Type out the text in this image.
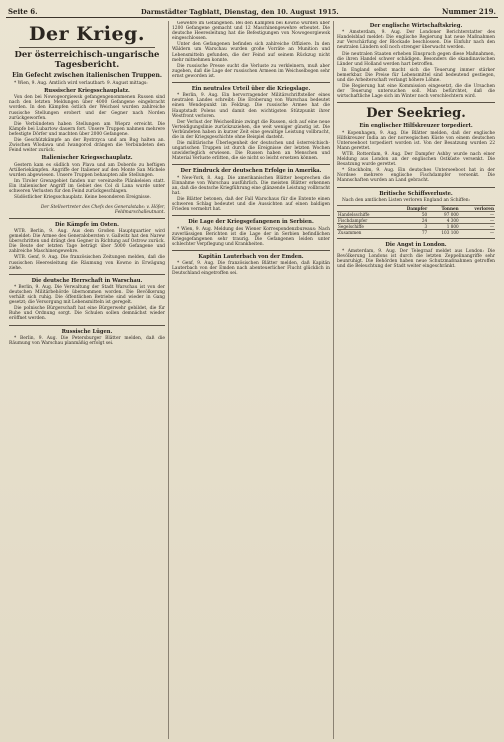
Seite 6.	Darmstädter Tagblatt, Dienstag, den 10. August 1915.	Nummer 219.
Der Krieg.
Der österreichisch-ungarische Tagesbericht.
Ein Gefecht zwischen italienischen Truppen.

* Wien, 9. Aug. Amtlich wird verlautbart: 9. August mittags:

Russischer Kriegsschauplatz.

Von den bei Nowogeorgiewsk gefangengenommenen Russen sind nach den letzten Meldungen über 4000 Gefangene eingebracht worden. In den Kämpfen östlich der Weichsel wurden zahlreiche russische Stellungen erobert und der Gegner nach Norden zurückgeworfen.

Die Verbündeten haben Stellungen am Wieprz erreicht. Die Kämpfe bei Lubartow dauern fort. Unsere Truppen nahmen mehrere befestigte Dörfer und machten über 2000 Gefangene.

Die Geschützkämpfe an der Bystrzyca und am Bug halten an. Zwischen Wlodawa und Iwangorod drängen die Verbündeten den Feind weiter zurück.

Italienischer Kriegsschauplatz.

Gestern kam es südlich von Plava und am Doberdo zu heftigen Artilleriekämpfen. Angriffe der Italiener auf den Monte San Michele wurden abgewiesen. Unsere Truppen behaupten alle Stellungen.

Im Tiroler Grenzgebiet fanden nur vereinzelte Plänkeleien statt. Ein italienischer Angriff im Gebiet des Col di Lana wurde unter schweren Verlusten für den Feind zurückgeschlagen.

Südöstlicher Kriegsschauplatz. Keine besonderen Ereignisse.

Der Stellvertreter des Chefs des Generalstabs: v. Höfer, Feldmarschalleutnant.

Die Kämpfe im Osten.

WTB. Berlin, 9. Aug. Aus dem Großen Hauptquartier wird gemeldet: Die Armee des Generalobersten v. Gallwitz hat den Narew überschritten und drängt den Gegner in Richtung auf Ostrow zurück. Die Beute der letzten Tage beträgt über 5000 Gefangene und zahlreiche Maschinengewehre.

WTB. Genf, 9. Aug. Die französischen Zeitungen melden, daß die russischen Heeresleitung die Räumung von Kowno in Erwägung ziehe.

Die deutsche Herrschaft in Warschau.

* Berlin, 9. Aug. Die Verwaltung der Stadt Warschau ist von der deutschen Militärbehörde übernommen worden. Die Bevölkerung verhält sich ruhig. Die öffentlichen Betriebe sind wieder in Gang gesetzt; die Versorgung mit Lebensmitteln ist geregelt.

Die polnische Bürgerschaft hat eine Bürgerwehr gebildet, die für Ruhe und Ordnung sorgt. Die Schulen sollen demnächst wieder eröffnet werden.

Russische Lügen.

* Berlin, 9. Aug. Die Petersburger Blätter melden, daß die Räumung von Warschau planmäßig erfolgt sei.

Gewehre im Gefangenen. Bei den Kämpfen bei Kowno wurden über 1200 Gefangene gemacht und 12 Maschinengewehre erbeutet. Die deutsche Heeresleitung hat die Befestigungen von Nowogeorgiewsk eingeschlossen.

Unter den Gefangenen befinden sich zahlreiche Offiziere. In den Wäldern um Warschau wurden große Vorräte an Munition und Lebensmitteln gefunden, die der Feind auf seinem Rückzug nicht mehr mitnehmen konnte.

Die russische Presse sucht die Verluste zu verkleinern, muß aber zugeben, daß die Lage der russischen Armeen im Weichselbogen sehr ernst geworden ist.

Ein neutrales Urteil über die Kriegslage.

* Berlin, 9. Aug. Ein hervorragender Militärschriftsteller eines neutralen Landes schreibt: Die Eroberung von Warschau bedeutet einen Wendepunkt im Feldzug. Die russische Armee hat die Hauptstadt Polens und damit den wichtigsten Stützpunkt ihrer Westfront verloren.

Der Verlust der Weichsellinie zwingt die Russen, sich auf eine neue Verteidigungslinie zurückzuziehen, die weit weniger günstig ist. Die Verbündeten haben in kurzer Zeit eine gewaltige Leistung vollbracht, die in der Kriegsgeschichte ohne Beispiel dasteht.

Die militärische Überlegenheit der deutschen und österreichisch-ungarischen Truppen ist durch die Ereignisse der letzten Wochen unwiderleglich erwiesen. Die Russen haben an Menschen und Material Verluste erlitten, die sie nicht so leicht ersetzen können.

Der Eindruck der deutschen Erfolge in Amerika.

* New-York, 8. Aug. Die amerikanischen Blätter besprechen die Einnahme von Warschau ausführlich. Die meisten Blätter erkennen an, daß die deutsche Kriegführung eine glänzende Leistung vollbracht hat.

Die Blätter betonen, daß der Fall Warschaus für die Entente einen schweren Schlag bedeutet und die Aussichten auf einen baldigen Frieden vermehrt hat.

Die Lage der Kriegsgefangenen in Serbien.

* Wien, 9. Aug. Meldung des Wiener Korrespondenzbureaus: Nach zuverlässigen Berichten ist die Lage der in Serbien befindlichen Kriegsgefangenen sehr traurig. Die Gefangenen leiden unter schlechter Verpflegung und Krankheiten.

Kapitän Lauterbach von der Emden.

* Genf, 9. Aug. Die französischen Blätter melden, daß Kapitän Lauterbach von der Emden nach abenteuerlicher Flucht glücklich in Deutschland eingetroffen sei.

Der englische Wirtschaftskrieg.

* Amsterdam, 9. Aug. Der Londoner Berichterstatter des Handelsblad meldet: Die englische Regierung hat neue Maßnahmen zur Verschärfung der Blockade beschlossen. Die Einfuhr nach den neutralen Ländern soll noch strenger überwacht werden.

Die neutralen Staaten erheben Einspruch gegen diese Maßnahmen, die ihren Handel schwer schädigen. Besonders die skandinavischen Länder und Holland werden hart betroffen.

In England selbst macht sich die Teuerung immer stärker bemerkbar. Die Preise für Lebensmittel sind bedeutend gestiegen, und die Arbeiterschaft verlangt höhere Löhne.

Die Regierung hat eine Kommission eingesetzt, die die Ursachen der Teuerung untersuchen soll. Man befürchtet, daß die wirtschaftliche Lage sich im Winter noch verschlechtern wird.

Der Seekrieg.
Ein englischer Hilfskreuzer torpediert.

* Kopenhagen, 9. Aug. Die Blätter melden, daß der englische Hilfskreuzer India an der norwegischen Küste von einem deutschen Unterseeboot torpediert worden ist. Von der Besatzung wurden 22 Mann gerettet.

WTB. Rotterdam, 9. Aug. Der Dampfer Ashby wurde nach einer Meldung aus London an der englischen Ostküste versenkt. Die Besatzung wurde gerettet.

* Stockholm, 9. Aug. Ein deutsches Unterseeboot hat in der Nordsee mehrere englische Fischdampfer versenkt. Die Mannschaften wurden an Land gebracht.

Britische Schiffsverluste.

Nach den amtlichen Listen verloren England an Schiffen:

	Dampfer	Tonnen	verloren
Handelsschiffe	50	97 000	—
Fischdampfer	24	4 300	—
Segelschiffe	3	1 800	—
Zusammen	77	103 100	—
Die Angst in London.

* Amsterdam, 9. Aug. Der Telegraaf meldet aus London: Die Bevölkerung Londons ist durch die letzten Zeppelinangriffe sehr beunruhigt. Die Behörden haben neue Schutzmaßnahmen getroffen und die Beleuchtung der Stadt weiter eingeschränkt.
